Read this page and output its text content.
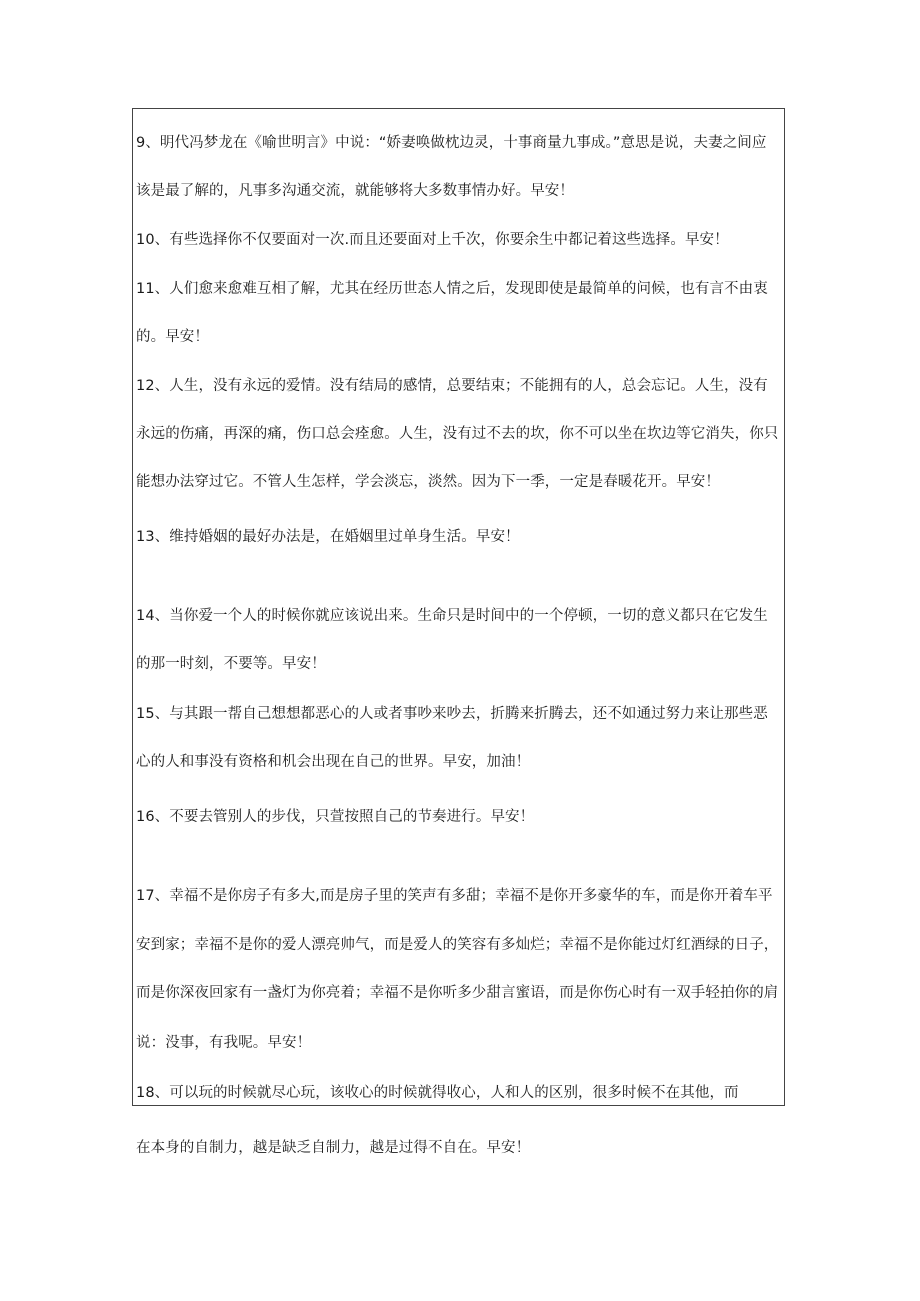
9、明代冯梦龙在《喻世明言》中说：“娇妻唤做枕边灵，十事商量九事成。”意思是说，夫妻之间应
该是最了解的，凡事多沟通交流，就能够将大多数事情办好。早安！
10、有些选择你不仅要面对一次.而且还要面对上千次，你要余生中都记着这些选择。早安！
11、人们愈来愈难互相了解，尤其在经历世态人情之后，发现即使是最简单的问候，也有言不由衷
的。早安！
12、人生，没有永远的爱情。没有结局的感情，总要结束；不能拥有的人，总会忘记。人生，没有
永远的伤痛，再深的痛，伤口总会痊愈。人生，没有过不去的坎，你不可以坐在坎边等它消失，你只
能想办法穿过它。不管人生怎样，学会淡忘，淡然。因为下一季，一定是春暖花开。早安！
13、维持婚姻的最好办法是，在婚姻里过单身生活。早安！
14、当你爱一个人的时候你就应该说出来。生命只是时间中的一个停顿，一切的意义都只在它发生
的那一时刻，不要等。早安！
15、与其跟一帮自己想想都恶心的人或者事吵来吵去，折腾来折腾去，还不如通过努力来让那些恶
心的人和事没有资格和机会出现在自己的世界。早安，加油！
16、不要去管别人的步伐，只萱按照自己的节奏进行。早安！
17、幸福不是你房子有多大,而是房子里的笑声有多甜；幸福不是你开多豪华的车，而是你开着车平
安到家；幸福不是你的爱人漂亮帅气，而是爱人的笑容有多灿烂；幸福不是你能过灯红酒绿的日子，
而是你深夜回家有一盏灯为你亮着；幸福不是你听多少甜言蜜语，而是你伤心时有一双手轻拍你的肩
说：没事，有我呢。早安！
18、可以玩的时候就尽心玩，该收心的时候就得收心，人和人的区别，很多时候不在其他，而
在本身的自制力，越是缺乏自制力，越是过得不自在。早安！
